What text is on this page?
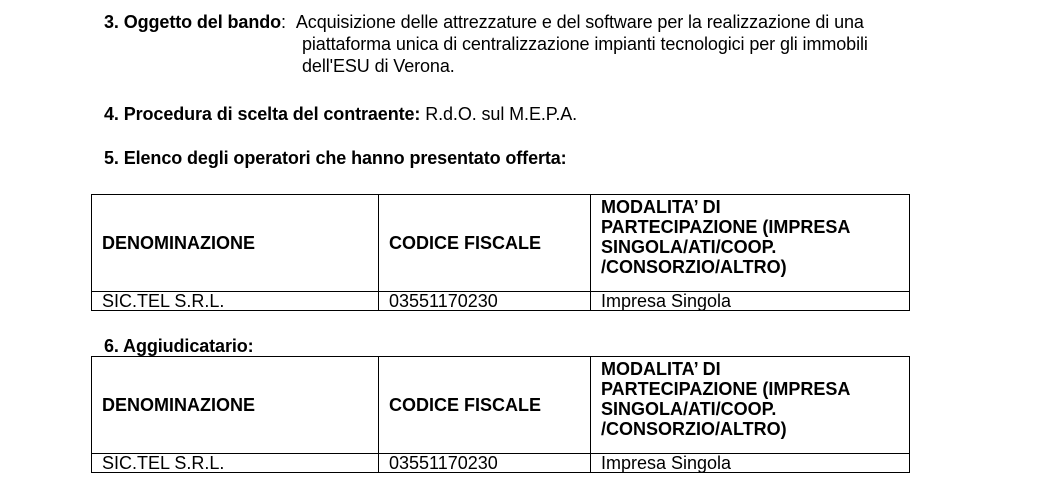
3. Oggetto del bando: Acquisizione delle attrezzature e del software per la realizzazione di una
piattaforma unica di centralizzazione impianti tecnologici per gli immobili
dell'ESU di Verona.
4. Procedura di scelta del contraente: R.d.O. sul M.E.P.A.
5. Elenco degli operatori che hanno presentato offerta:
DENOMINAZIONE	CODICE FISCALE	MODALITA’ DI
PARTECIPAZIONE (IMPRESA
SINGOLA/ATI/COOP.
/CONSORZIO/ALTRO)

SIC.TEL S.R.L.	03551170230	Impresa Singola
6. Aggiudicatario:
DENOMINAZIONE	CODICE FISCALE	MODALITA’ DI
PARTECIPAZIONE (IMPRESA
SINGOLA/ATI/COOP.
/CONSORZIO/ALTRO)

SIC.TEL S.R.L.	03551170230	Impresa Singola
